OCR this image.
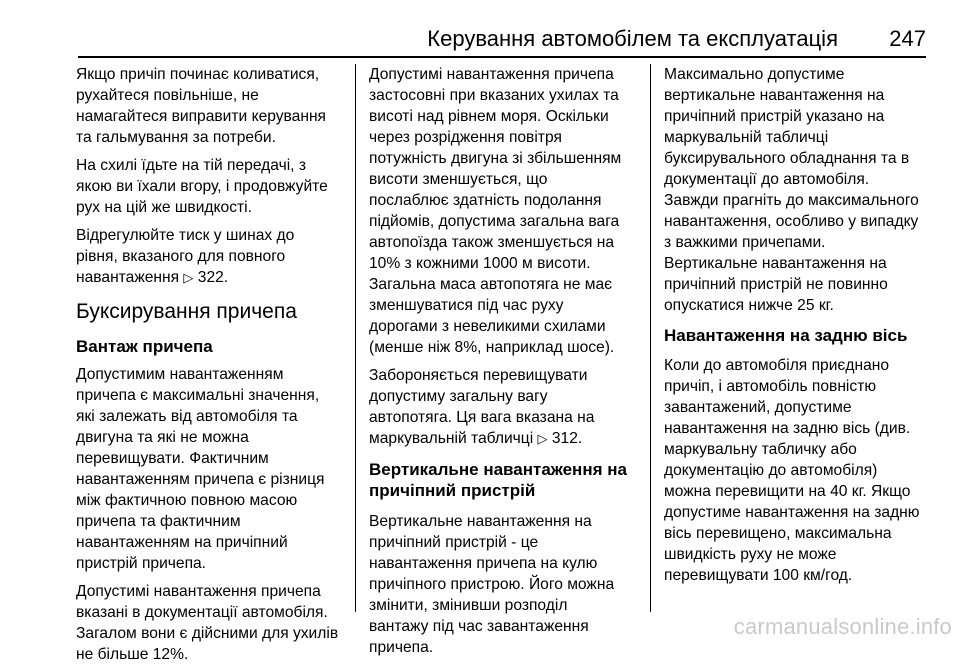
Керування автомобілем та експлуатація 247

Якщо причіп починає коливатися,
рухайтеся повільніше, не
намагайтеся виправити керування
та гальмування за потреби.

На схилі їдьте на тій передачі, з
якою ви їхали вгору, і продовжуйте
рух на цій же швидкості.

Відрегулюйте тиск у шинах до
рівня, вказаного для повного
навантаження ▷ 322.

Буксирування причепа
Вантаж причепа

Допустимим навантаженням
причепа є максимальні значення,
які залежать від автомобіля та
двигуна та які не можна
перевищувати. Фактичним
навантаженням причепа є різниця
між фактичною повною масою
причепа та фактичним
навантаженням на причіпний
пристрій причепа.

Допустимі навантаження причепа
вказані в документації автомобіля.
Загалом вони є дійсними для ухилів
не більше 12%.

Допустимі навантаження причепа
застосовні при вказаних ухилах та
висоті над рівнем моря. Оскільки
через розрідження повітря
потужність двигуна зі збільшенням
висоти зменшується, що
послаблює здатність подолання
підйомів, допустима загальна вага
автопоїзда також зменшується на
10% з кожними 1000 м висоти.
Загальна маса автопотяга не має
зменшуватися під час руху
дорогами з невеликими схилами
(менше ніж 8%, наприклад шосе).

Забороняється перевищувати
допустиму загальну вагу
автопотяга. Ця вага вказана на
маркувальній табличці ▷ 312.

Вертикальне навантаження на
причіпний пристрій

Вертикальне навантаження на
причіпний пристрій - це
навантаження причепа на кулю
причіпного пристрою. Його можна
змінити, змінивши розподіл
вантажу під час завантаження
причепа.

Максимально допустиме
вертикальне навантаження на
причіпний пристрій указано на
маркувальній табличці
буксирувального обладнання та в
документації до автомобіля.
Завжди прагніть до максимального
навантаження, особливо у випадку
з важкими причепами.
Вертикальне навантаження на
причіпний пристрій не повинно
опускатися нижче 25 кг.

Навантаження на задню вісь

Коли до автомобіля приєднано
причіп, і автомобіль повністю
завантажений, допустиме
навантаження на задню вісь (див.
маркувальну табличку або
документацію до автомобіля)
можна перевищити на 40 кг. Якщо
допустиме навантаження на задню
вісь перевищено, максимальна
швидкість руху не може
перевищувати 100 км/год.

carmanualsonline.info
